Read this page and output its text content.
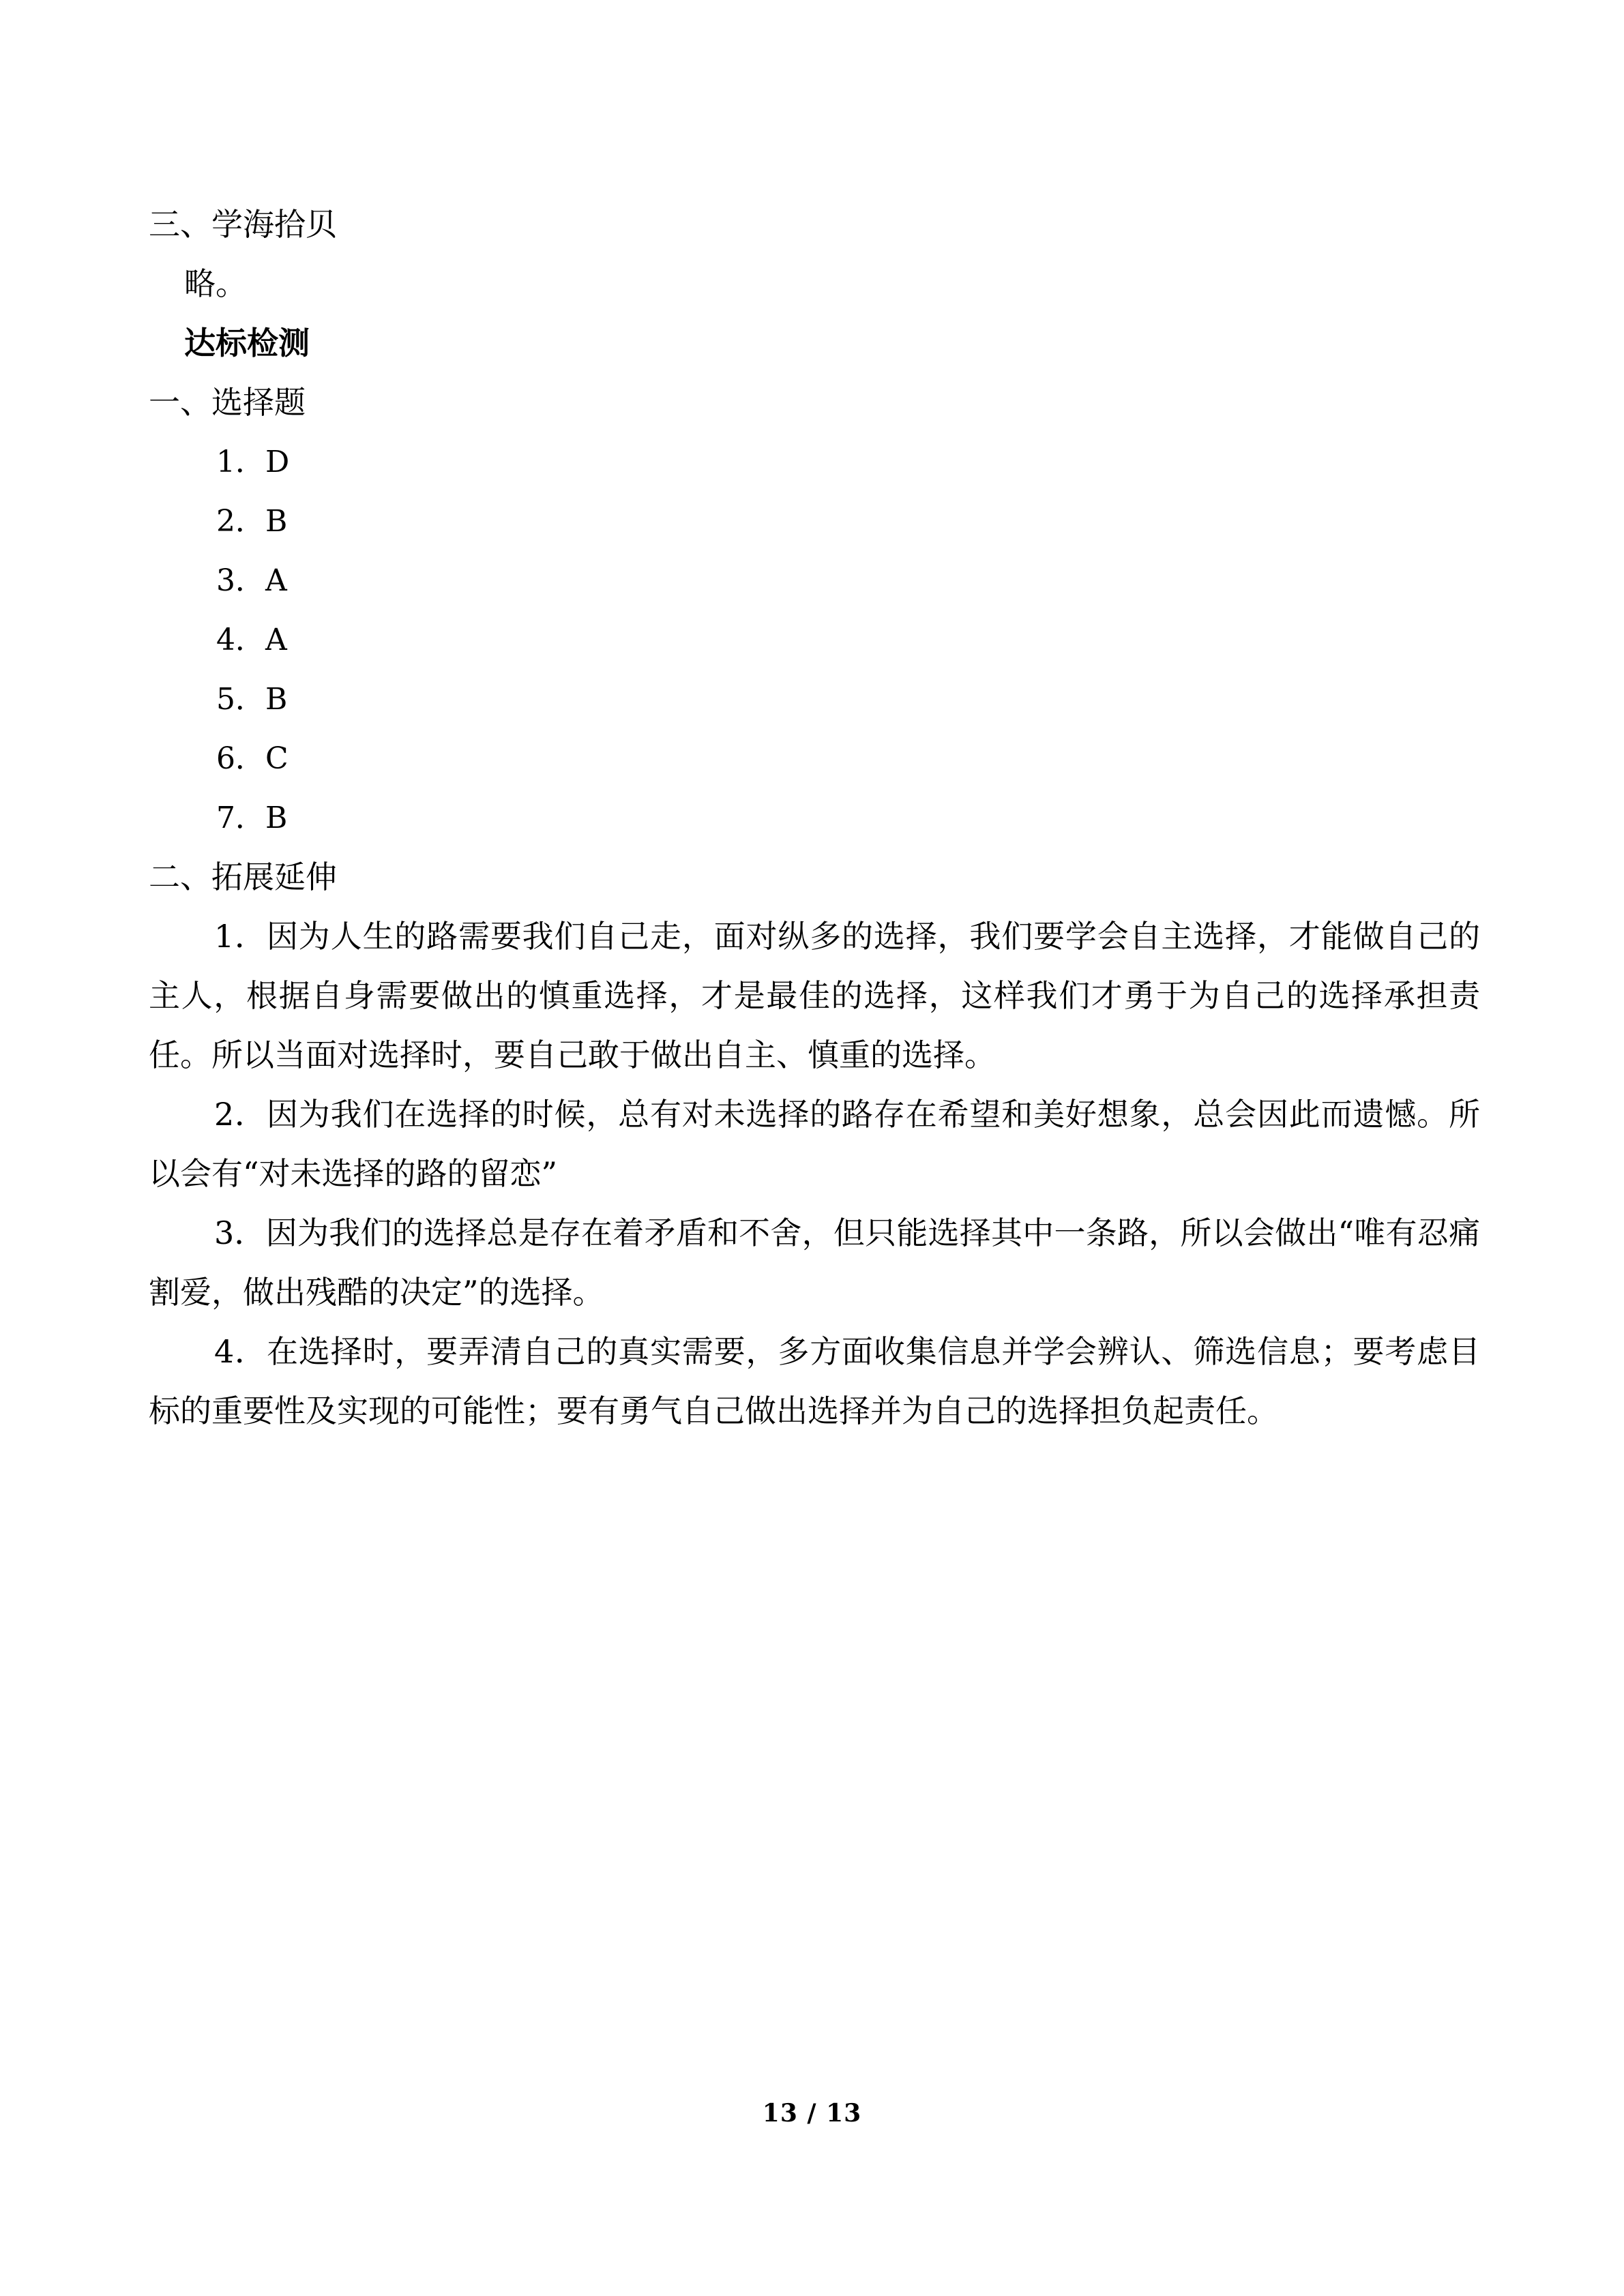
三、学海拾贝
略。
达标检测
一、选择题
1．D
2．B
3．A
4．A
5．B
6．C
7．B
二、拓展延伸

1．因为人生的路需要我们自己走，面对纵多的选择，我们要学会自主选择，才能做自己的主人，根据自身需要做出的慎重选择，才是最佳的选择，这样我们才勇于为自己的选择承担责任。所以当面对选择时，要自己敢于做出自主、慎重的选择。

2．因为我们在选择的时候，总有对未选择的路存在希望和美好想象，总会因此而遗憾。所以会有“对未选择的路的留恋”

3．因为我们的选择总是存在着矛盾和不舍，但只能选择其中一条路，所以会做出“唯有忍痛割爱，做出残酷的决定”的选择。

4．在选择时，要弄清自己的真实需要，多方面收集信息并学会辨认、筛选信息；要考虑目标的重要性及实现的可能性；要有勇气自己做出选择并为自己的选择担负起责任。

13 / 13
